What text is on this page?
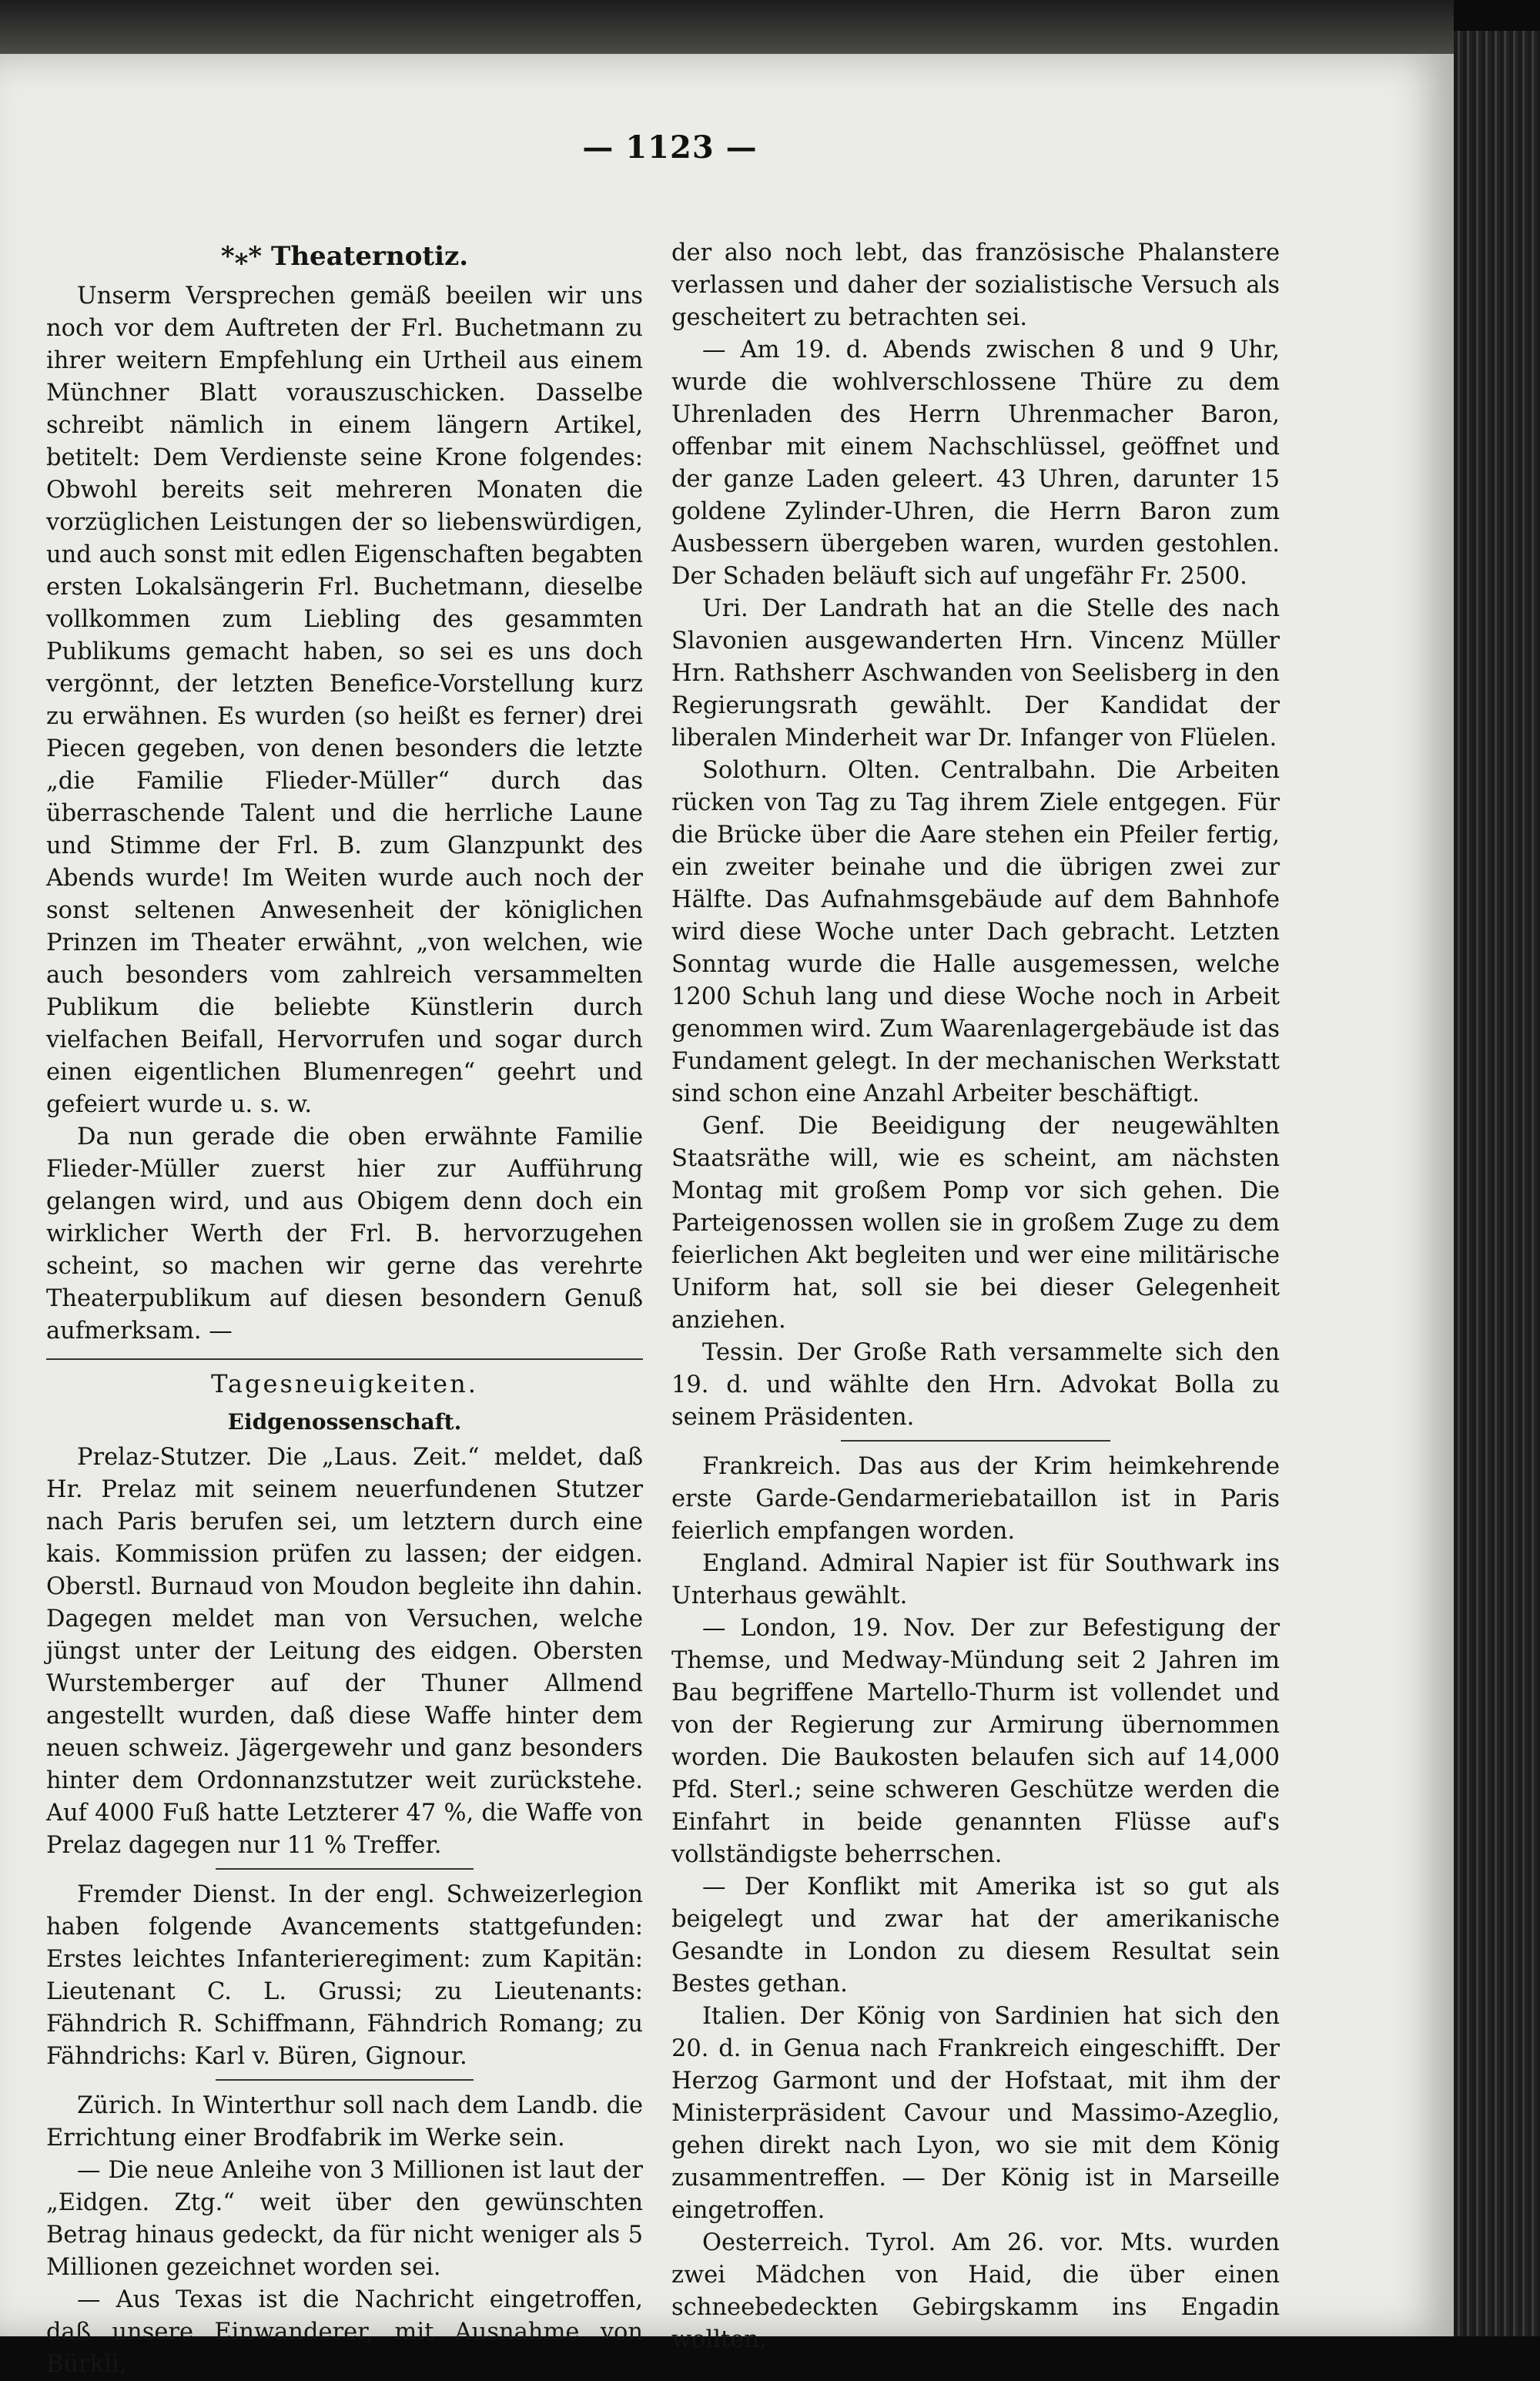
— 1123 —
*⁎* Theaternotiz.

Unserm Versprechen gemäß beeilen wir uns noch vor dem Auftreten der Frl. Buchetmann zu ihrer weitern Empfehlung ein Urtheil aus einem Münchner Blatt vorauszuschicken. Dasselbe schreibt nämlich in einem längern Artikel, betitelt: Dem Verdienste seine Krone folgendes: Obwohl bereits seit mehreren Monaten die vorzüglichen Leistungen der so liebenswürdigen, und auch sonst mit edlen Eigenschaften begabten ersten Lokalsängerin Frl. Buchetmann, dieselbe vollkommen zum Liebling des gesammten Publikums gemacht haben, so sei es uns doch vergönnt, der letzten Benefice-Vorstellung kurz zu erwähnen. Es wurden (so heißt es ferner) drei Piecen gegeben, von denen besonders die letzte „die Familie Flieder-Müller“ durch das überraschende Talent und die herrliche Laune und Stimme der Frl. B. zum Glanzpunkt des Abends wurde! Im Weiten wurde auch noch der sonst seltenen Anwesenheit der königlichen Prinzen im Theater erwähnt, „von welchen, wie auch besonders vom zahlreich versammelten Publikum die beliebte Künstlerin durch vielfachen Beifall, Hervorrufen und sogar durch einen eigentlichen Blumenregen“ geehrt und gefeiert wurde u. s. w.

Da nun gerade die oben erwähnte Familie Flieder-Müller zuerst hier zur Aufführung gelangen wird, und aus Obigem denn doch ein wirklicher Werth der Frl. B. hervorzugehen scheint, so machen wir gerne das verehrte Theaterpublikum auf diesen besondern Genuß aufmerksam. —

Tagesneuigkeiten.
Eidgenossenschaft.

Prelaz-Stutzer. Die „Laus. Zeit.“ meldet, daß Hr. Prelaz mit seinem neuerfundenen Stutzer nach Paris berufen sei, um letztern durch eine kais. Kommission prüfen zu lassen; der eidgen. Oberstl. Burnaud von Moudon begleite ihn dahin. Dagegen meldet man von Versuchen, welche jüngst unter der Leitung des eidgen. Obersten Wurstemberger auf der Thuner Allmend angestellt wurden, daß diese Waffe hinter dem neuen schweiz. Jägergewehr und ganz besonders hinter dem Ordonnanzstutzer weit zurückstehe. Auf 4000 Fuß hatte Letzterer 47 %, die Waffe von Prelaz dagegen nur 11 % Treffer.

Fremder Dienst. In der engl. Schweizerlegion haben folgende Avancements stattgefunden: Erstes leichtes Infanterieregiment: zum Kapitän: Lieutenant C. L. Grussi; zu Lieutenants: Fähndrich R. Schiffmann, Fähndrich Romang; zu Fähndrichs: Karl v. Büren, Gignour.

Zürich. In Winterthur soll nach dem Landb. die Errichtung einer Brodfabrik im Werke sein.

— Die neue Anleihe von 3 Millionen ist laut der „Eidgen. Ztg.“ weit über den gewünschten Betrag hinaus gedeckt, da für nicht weniger als 5 Millionen gezeichnet worden sei.

— Aus Texas ist die Nachricht eingetroffen, daß unsere Einwanderer, mit Ausnahme von Bürkli,

der also noch lebt, das französische Phalanstere verlassen und daher der sozialistische Versuch als gescheitert zu betrachten sei.

— Am 19. d. Abends zwischen 8 und 9 Uhr, wurde die wohlverschlossene Thüre zu dem Uhrenladen des Herrn Uhrenmacher Baron, offenbar mit einem Nachschlüssel, geöffnet und der ganze Laden geleert. 43 Uhren, darunter 15 goldene Zylinder-Uhren, die Herrn Baron zum Ausbessern übergeben waren, wurden gestohlen. Der Schaden beläuft sich auf ungefähr Fr. 2500.

Uri. Der Landrath hat an die Stelle des nach Slavonien ausgewanderten Hrn. Vincenz Müller Hrn. Rathsherr Aschwanden von Seelisberg in den Regierungsrath gewählt. Der Kandidat der liberalen Minderheit war Dr. Infanger von Flüelen.

Solothurn. Olten. Centralbahn. Die Arbeiten rücken von Tag zu Tag ihrem Ziele entgegen. Für die Brücke über die Aare stehen ein Pfeiler fertig, ein zweiter beinahe und die übrigen zwei zur Hälfte. Das Aufnahmsgebäude auf dem Bahnhofe wird diese Woche unter Dach gebracht. Letzten Sonntag wurde die Halle ausgemessen, welche 1200 Schuh lang und diese Woche noch in Arbeit genommen wird. Zum Waarenlagergebäude ist das Fundament gelegt. In der mechanischen Werkstatt sind schon eine Anzahl Arbeiter beschäftigt.

Genf. Die Beeidigung der neugewählten Staatsräthe will, wie es scheint, am nächsten Montag mit großem Pomp vor sich gehen. Die Parteigenossen wollen sie in großem Zuge zu dem feierlichen Akt begleiten und wer eine militärische Uniform hat, soll sie bei dieser Gelegenheit anziehen.

Tessin. Der Große Rath versammelte sich den 19. d. und wählte den Hrn. Advokat Bolla zu seinem Präsidenten.

Frankreich. Das aus der Krim heimkehrende erste Garde-Gendarmeriebataillon ist in Paris feierlich empfangen worden.

England. Admiral Napier ist für Southwark ins Unterhaus gewählt.

— London, 19. Nov. Der zur Befestigung der Themse, und Medway-Mündung seit 2 Jahren im Bau begriffene Martello-Thurm ist vollendet und von der Regierung zur Armirung übernommen worden. Die Baukosten belaufen sich auf 14,000 Pfd. Sterl.; seine schweren Geschütze werden die Einfahrt in beide genannten Flüsse auf's vollständigste beherrschen.

— Der Konflikt mit Amerika ist so gut als beigelegt und zwar hat der amerikanische Gesandte in London zu diesem Resultat sein Bestes gethan.

Italien. Der König von Sardinien hat sich den 20. d. in Genua nach Frankreich eingeschifft. Der Herzog Garmont und der Hofstaat, mit ihm der Ministerpräsident Cavour und Massimo-Azeglio, gehen direkt nach Lyon, wo sie mit dem König zusammentreffen. — Der König ist in Marseille eingetroffen.

Oesterreich. Tyrol. Am 26. vor. Mts. wurden zwei Mädchen von Haid, die über einen schneebedeckten Gebirgskamm ins Engadin wollten,
